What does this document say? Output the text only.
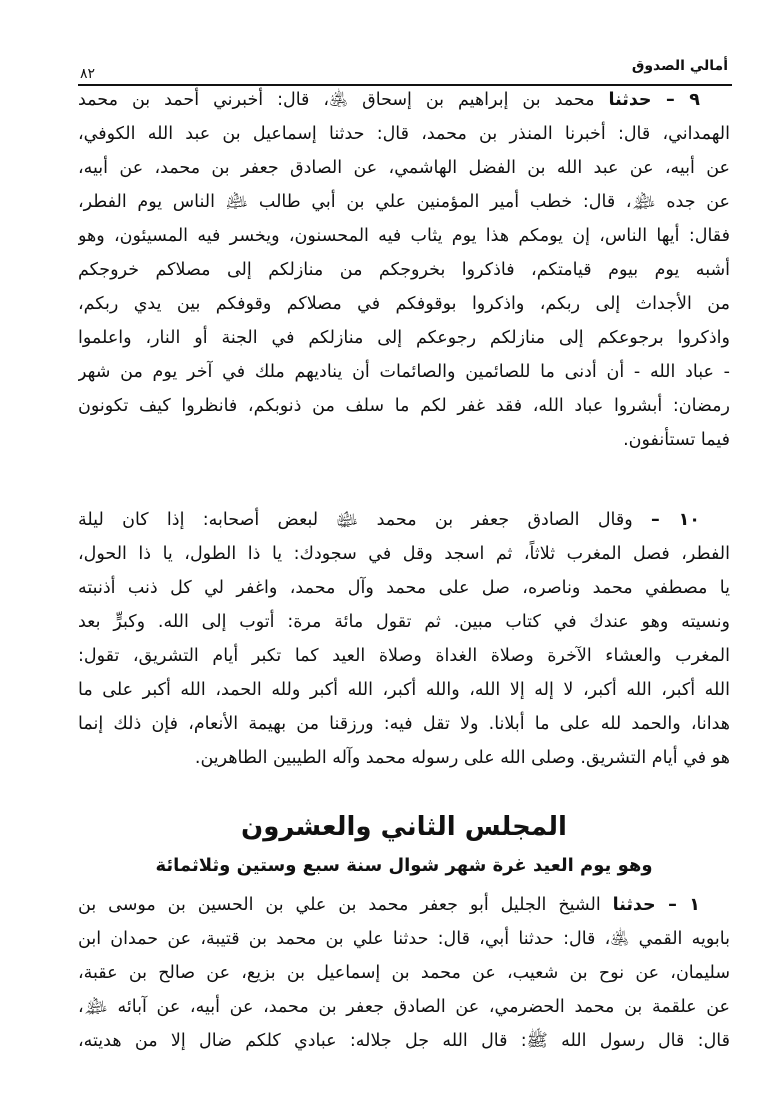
أمالي الصدوق
٨٢
٩ – حدثنا محمد بن إبراهيم بن إسحاق ﵁، قال: أخبرني أحمد بن محمد
الهمداني، قال: أخبرنا المنذر بن محمد، قال: حدثنا إسماعيل بن عبد الله الكوفي،
عن أبيه، عن عبد الله بن الفضل الهاشمي، عن الصادق جعفر بن محمد، عن أبيه،
عن جده ﵈، قال: خطب أمير المؤمنين علي بن أبي طالب ﵇ الناس يوم الفطر،
فقال: أيها الناس، إن يومكم هذا يوم يثاب فيه المحسنون، ويخسر فيه المسيئون، وهو
أشبه يوم بيوم قيامتكم، فاذكروا بخروجكم من منازلكم إلى مصلاكم خروجكم
من الأجداث إلى ربكم، واذكروا بوقوفكم في مصلاكم وقوفكم بين يدي ربكم،
واذكروا برجوعكم إلى منازلكم رجوعكم إلى منازلكم في الجنة أو النار، واعلموا
- عباد الله - أن أدنى ما للصائمين والصائمات أن يناديهم ملك في آخر يوم من شهر
رمضان: أبشروا عباد الله، فقد غفر لكم ما سلف من ذنوبكم، فانظروا كيف تكونون
فيما تستأنفون.
١٠ – وقال الصادق جعفر بن محمد ﵉ لبعض أصحابه: إذا كان ليلة
الفطر، فصل المغرب ثلاثاً، ثم اسجد وقل في سجودك: يا ذا الطول، يا ذا الحول،
يا مصطفي محمد وناصره، صل على محمد وآل محمد، واغفر لي كل ذنب أذنبته
ونسيته وهو عندك في كتاب مبين. ثم تقول مائة مرة: أتوب إلى الله. وكبرٍّ بعد
المغرب والعشاء الآخرة وصلاة الغداة وصلاة العيد كما تكبر أيام التشريق، تقول:
الله أكبر، الله أكبر، لا إله إلا الله، والله أكبر، الله أكبر ولله الحمد، الله أكبر على ما
هدانا، والحمد لله على ما أبلانا. ولا تقل فيه: ورزقنا من بهيمة الأنعام، فإن ذلك إنما
هو في أيام التشريق. وصلى الله على رسوله محمد وآله الطيبين الطاهرين.
المجلس الثاني والعشرون
وهو يوم العيد غرة شهر شوال سنة سبع وستين وثلاثمائة
١ – حدثنا الشيخ الجليل أبو جعفر محمد بن علي بن الحسين بن موسى بن
بابويه القمي ﵁، قال: حدثنا أبي، قال: حدثنا علي بن محمد بن قتيبة، عن حمدان ابن
سليمان، عن نوح بن شعيب، عن محمد بن إسماعيل بن بزيع، عن صالح بن عقبة،
عن علقمة بن محمد الحضرمي، عن الصادق جعفر بن محمد، عن أبيه، عن آبائه ﵈،
قال: قال رسول الله ﷺ: قال الله جل جلاله: عبادي كلكم ضال إلا من هديته،
